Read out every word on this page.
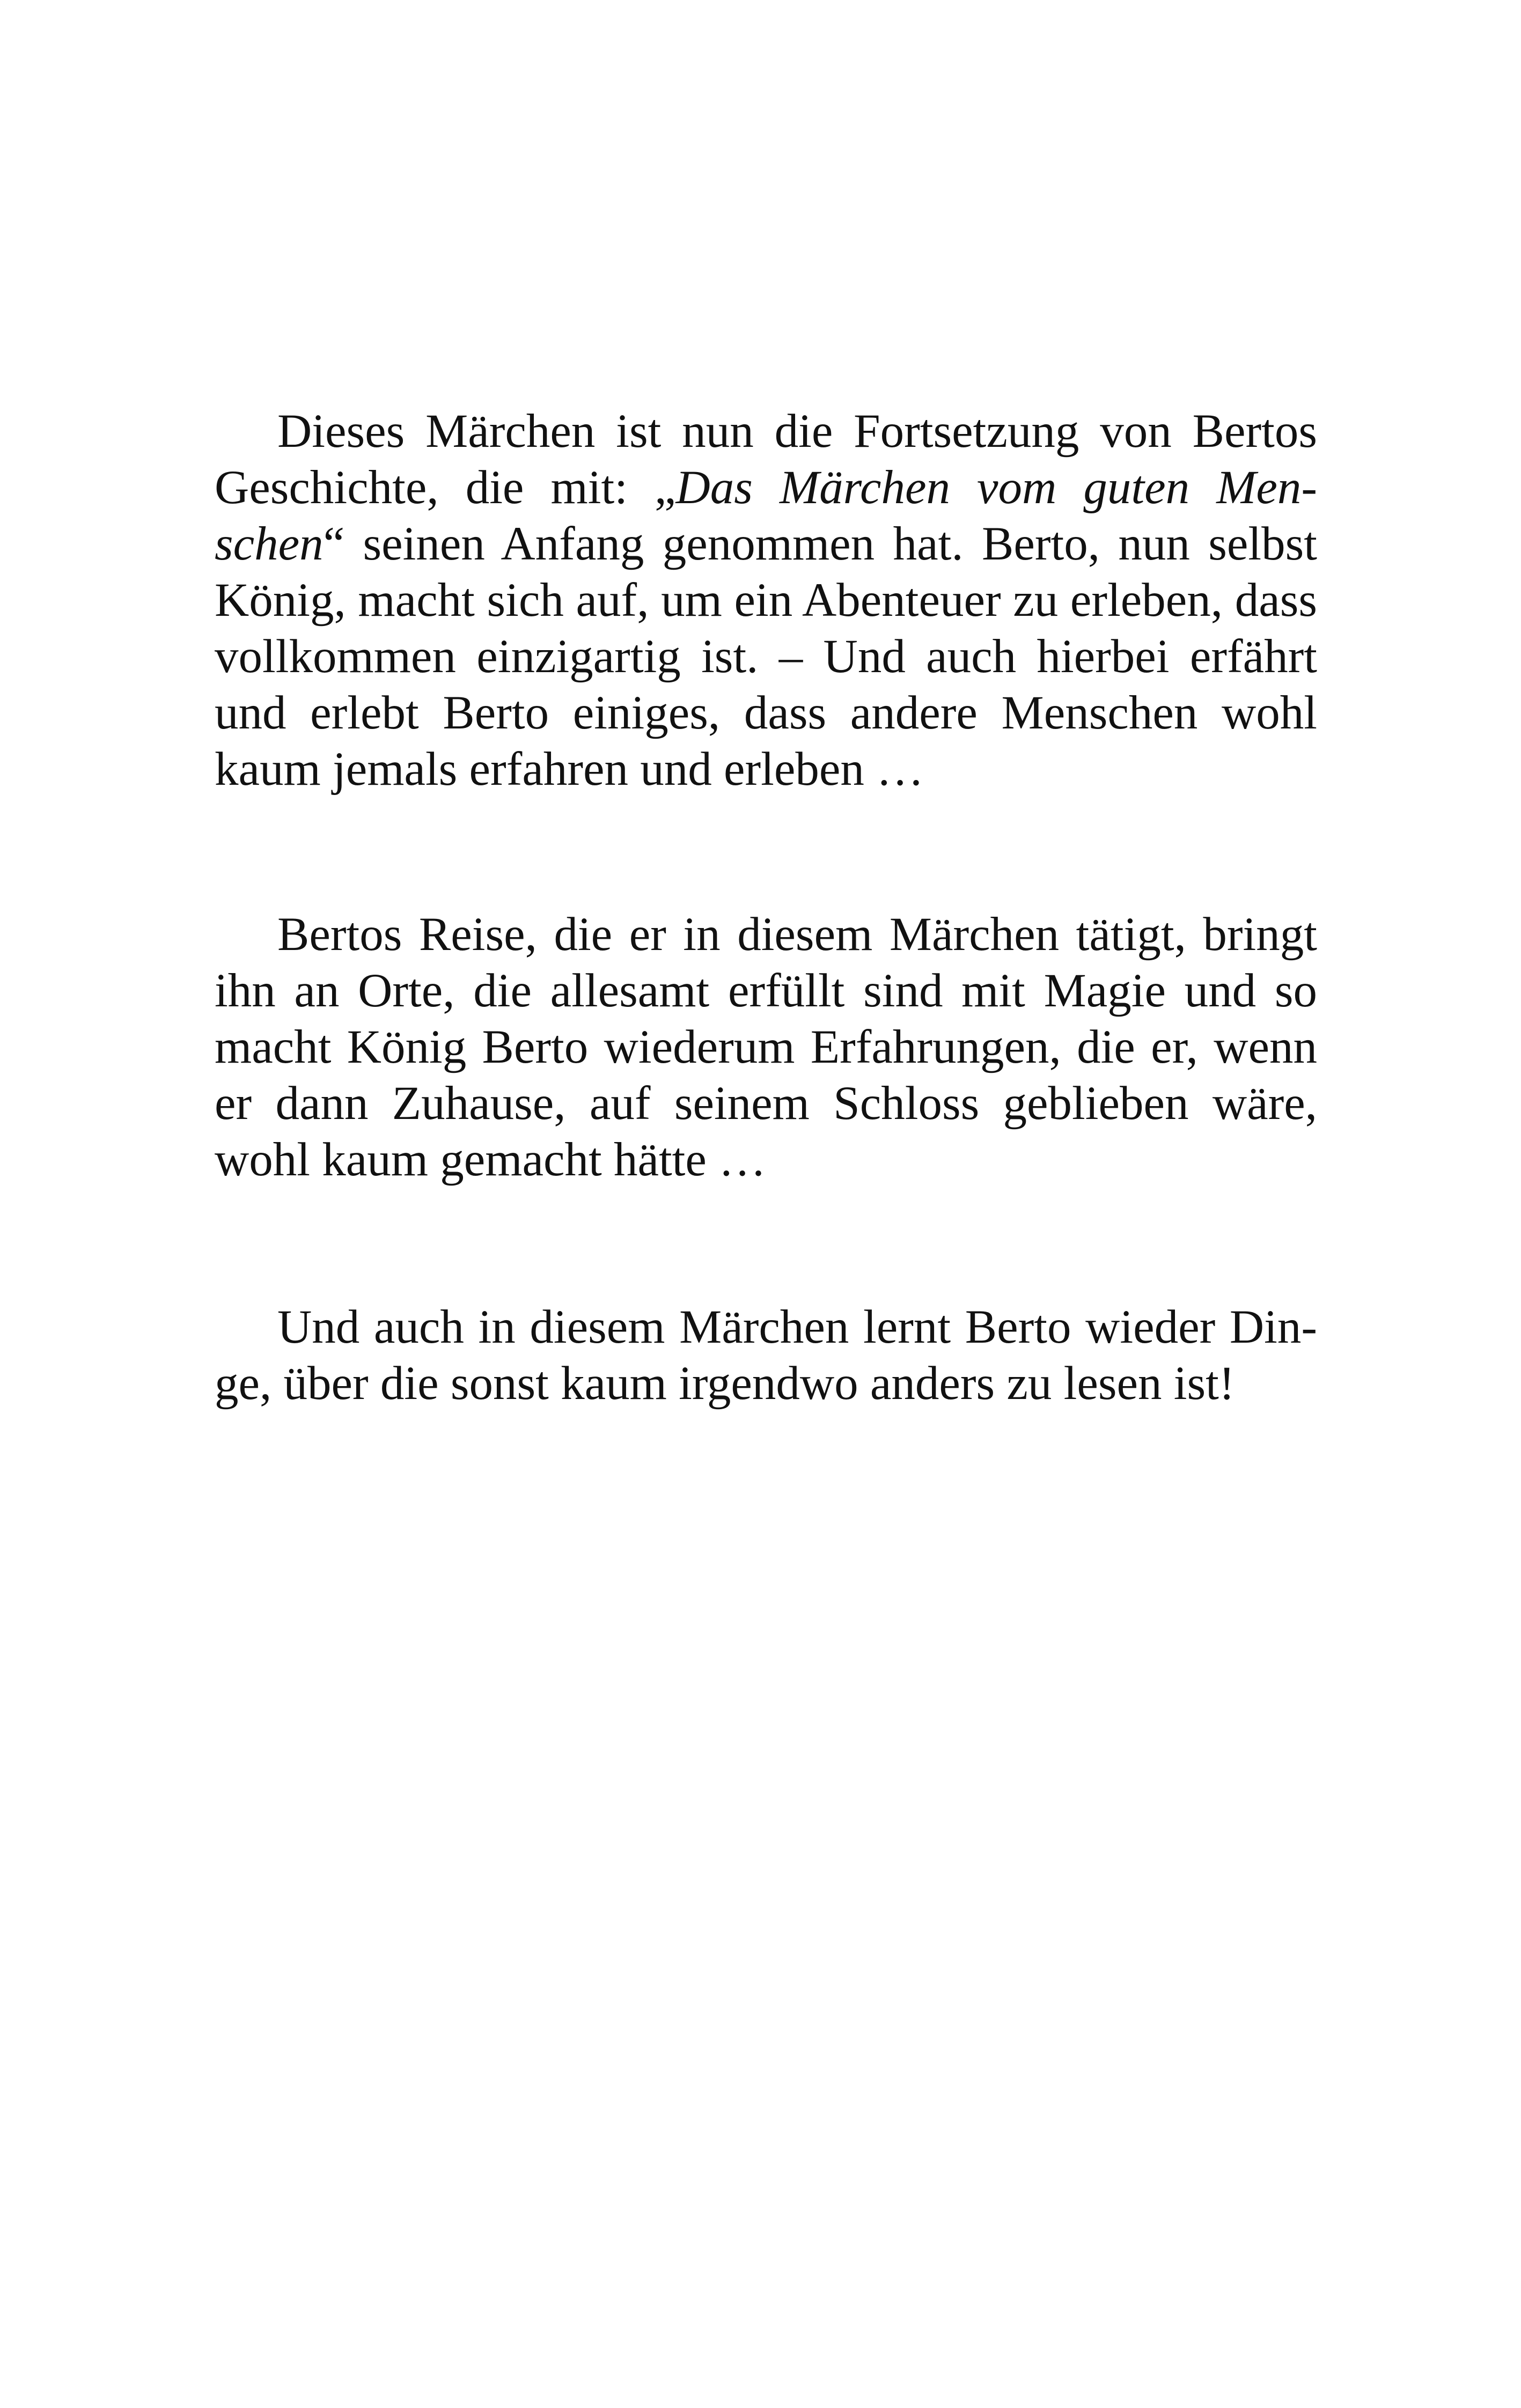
Dieses Märchen ist nun die Fortsetzung von Bertos
Geschichte, die mit: „Das Märchen vom guten Men-
schen“ seinen Anfang genommen hat. Berto, nun selbst
König, macht sich auf, um ein Abenteuer zu erleben, dass
vollkommen einzigartig ist. – Und auch hierbei erfährt
und erlebt Berto einiges, dass andere Menschen wohl
kaum jemals erfahren und erleben …
Bertos Reise, die er in diesem Märchen tätigt, bringt
ihn an Orte, die allesamt erfüllt sind mit Magie und so
macht König Berto wiederum Erfahrungen, die er, wenn
er dann Zuhause, auf seinem Schloss geblieben wäre,
wohl kaum gemacht hätte …
Und auch in diesem Märchen lernt Berto wieder Din-
ge, über die sonst kaum irgendwo anders zu lesen ist!
